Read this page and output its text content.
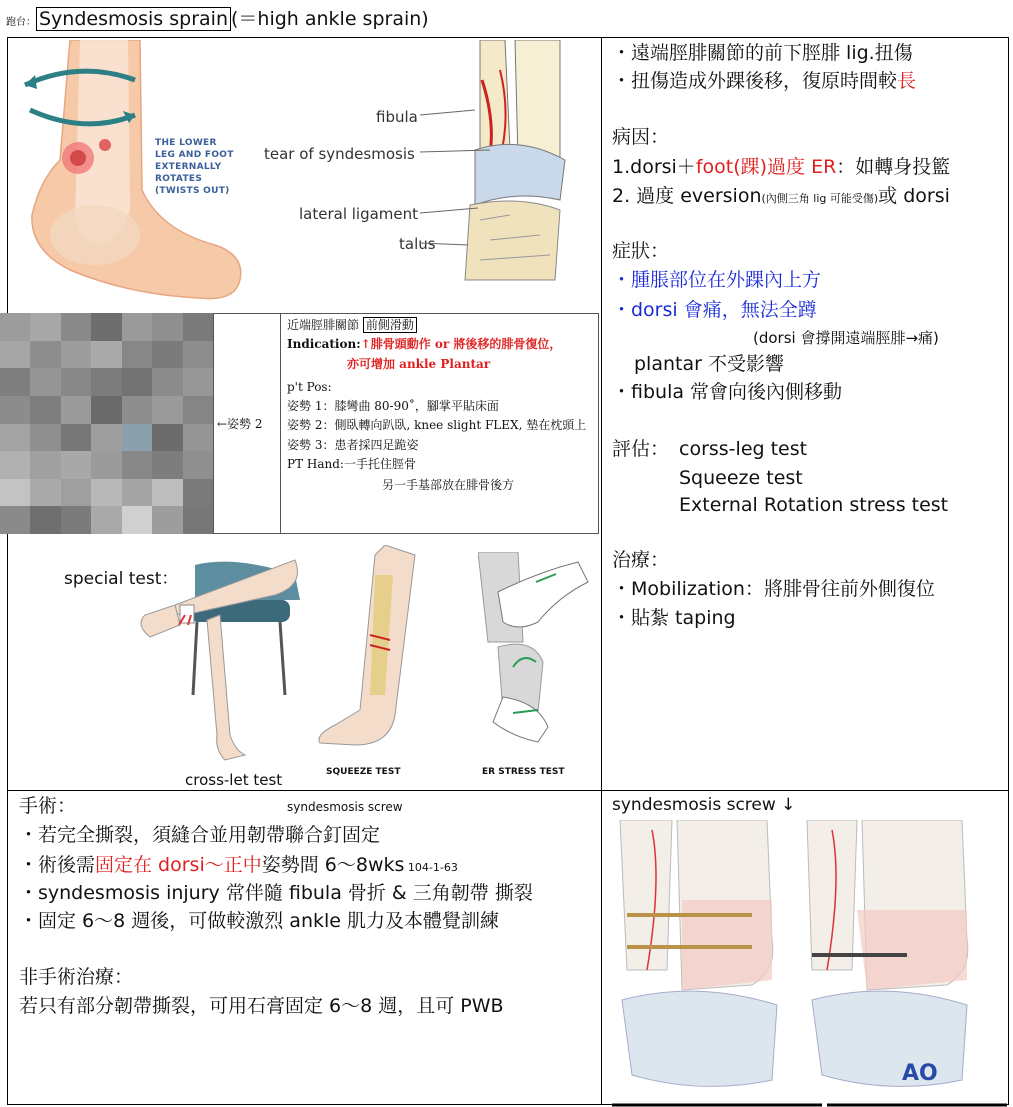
跑台： Syndesmosis sprain (＝high ankle sprain)
THE LOWER LEG AND FOOT EXTERNALLY ROTATES (TWISTS OUT)
fibula
tear of syndesmosis
lateral ligament
talus
←姿勢 2
近端脛腓關節 前側滑動
Indication:↑腓骨頭動作 or 將後移的腓骨復位，
亦可增加 ankle Plantar
p't Pos:
姿勢 1：膝彎曲 80-90˚，腳掌平貼床面
姿勢 2：側臥轉向趴臥, knee slight FLEX, 墊在枕頭上
姿勢 3：患者採四足跪姿
PT Hand:一手托住脛骨
另一手基部放在腓骨後方
special test：
cross-let test	SQUEEZE TEST	ER STRESS TEST
・遠端脛腓關節的前下脛腓 lig.扭傷
・扭傷造成外踝後移，復原時間較長
病因：
1.dorsi＋foot(踝)過度 ER：如轉身投籃
2. 過度 eversion(內側三角 lig 可能受傷)或 dorsi
症狀：
・腫脹部位在外踝內上方
・dorsi 會痛，無法全蹲
(dorsi 會撐開遠端脛腓→痛)
plantar 不受影響
・fibula 常會向後內側移動
評估： corss-leg test
Squeeze test
External Rotation stress test
治療：
・Mobilization：將腓骨往前外側復位
・貼紮 taping
手術：	syndesmosis screw
・若完全撕裂，須縫合並用韌帶聯合釘固定
・術後需固定在 dorsi～正中姿勢間 6～8wks 104-1-63
・syndesmosis injury 常伴隨 fibula 骨折 & 三角韌帶 撕裂
・固定 6～8 週後，可做較激烈 ankle 肌力及本體覺訓練
非手術治療：
若只有部分韌帶撕裂，可用石膏固定 6～8 週，且可 PWB
syndesmosis screw ↓
AO
